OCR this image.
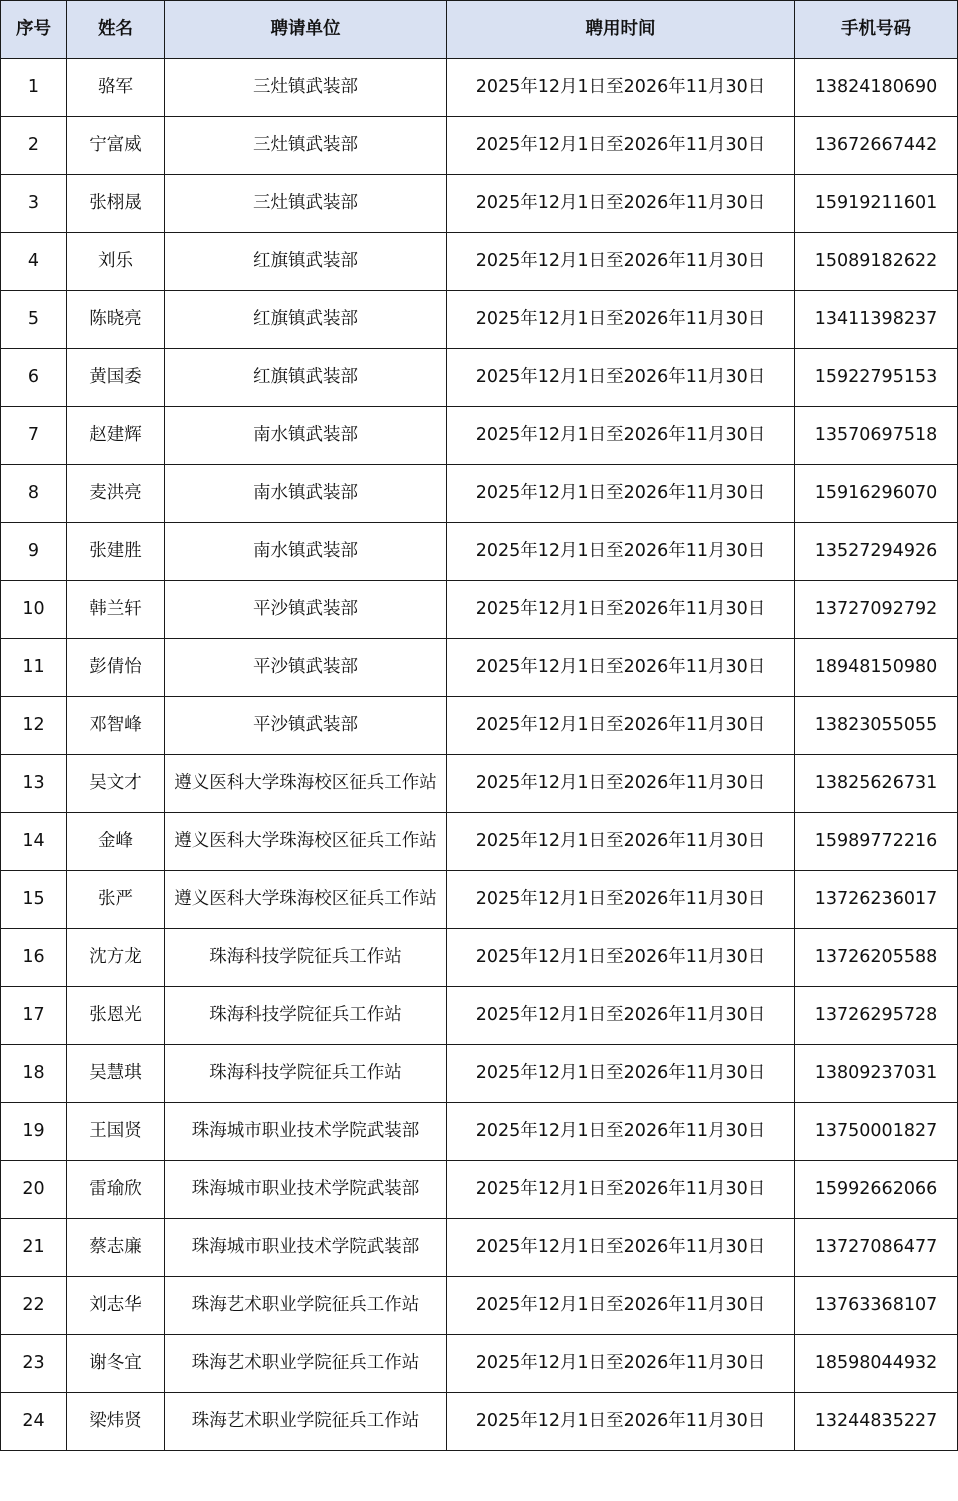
序号	姓名	聘请单位	聘用时间	手机号码
1	骆军	三灶镇武装部	2025年12月1日至2026年11月30日	13824180690
2	宁富威	三灶镇武装部	2025年12月1日至2026年11月30日	13672667442
3	张栩晟	三灶镇武装部	2025年12月1日至2026年11月30日	15919211601
4	刘乐	红旗镇武装部	2025年12月1日至2026年11月30日	15089182622
5	陈晓亮	红旗镇武装部	2025年12月1日至2026年11月30日	13411398237
6	黄国委	红旗镇武装部	2025年12月1日至2026年11月30日	15922795153
7	赵建辉	南水镇武装部	2025年12月1日至2026年11月30日	13570697518
8	麦洪亮	南水镇武装部	2025年12月1日至2026年11月30日	15916296070
9	张建胜	南水镇武装部	2025年12月1日至2026年11月30日	13527294926
10	韩兰轩	平沙镇武装部	2025年12月1日至2026年11月30日	13727092792
11	彭倩怡	平沙镇武装部	2025年12月1日至2026年11月30日	18948150980
12	邓智峰	平沙镇武装部	2025年12月1日至2026年11月30日	13823055055
13	吴文才	遵义医科大学珠海校区征兵工作站	2025年12月1日至2026年11月30日	13825626731
14	金峰	遵义医科大学珠海校区征兵工作站	2025年12月1日至2026年11月30日	15989772216
15	张严	遵义医科大学珠海校区征兵工作站	2025年12月1日至2026年11月30日	13726236017
16	沈方龙	珠海科技学院征兵工作站	2025年12月1日至2026年11月30日	13726205588
17	张恩光	珠海科技学院征兵工作站	2025年12月1日至2026年11月30日	13726295728
18	吴慧琪	珠海科技学院征兵工作站	2025年12月1日至2026年11月30日	13809237031
19	王国贤	珠海城市职业技术学院武装部	2025年12月1日至2026年11月30日	13750001827
20	雷瑜欣	珠海城市职业技术学院武装部	2025年12月1日至2026年11月30日	15992662066
21	蔡志廉	珠海城市职业技术学院武装部	2025年12月1日至2026年11月30日	13727086477
22	刘志华	珠海艺术职业学院征兵工作站	2025年12月1日至2026年11月30日	13763368107
23	谢冬宜	珠海艺术职业学院征兵工作站	2025年12月1日至2026年11月30日	18598044932
24	梁炜贤	珠海艺术职业学院征兵工作站	2025年12月1日至2026年11月30日	13244835227
